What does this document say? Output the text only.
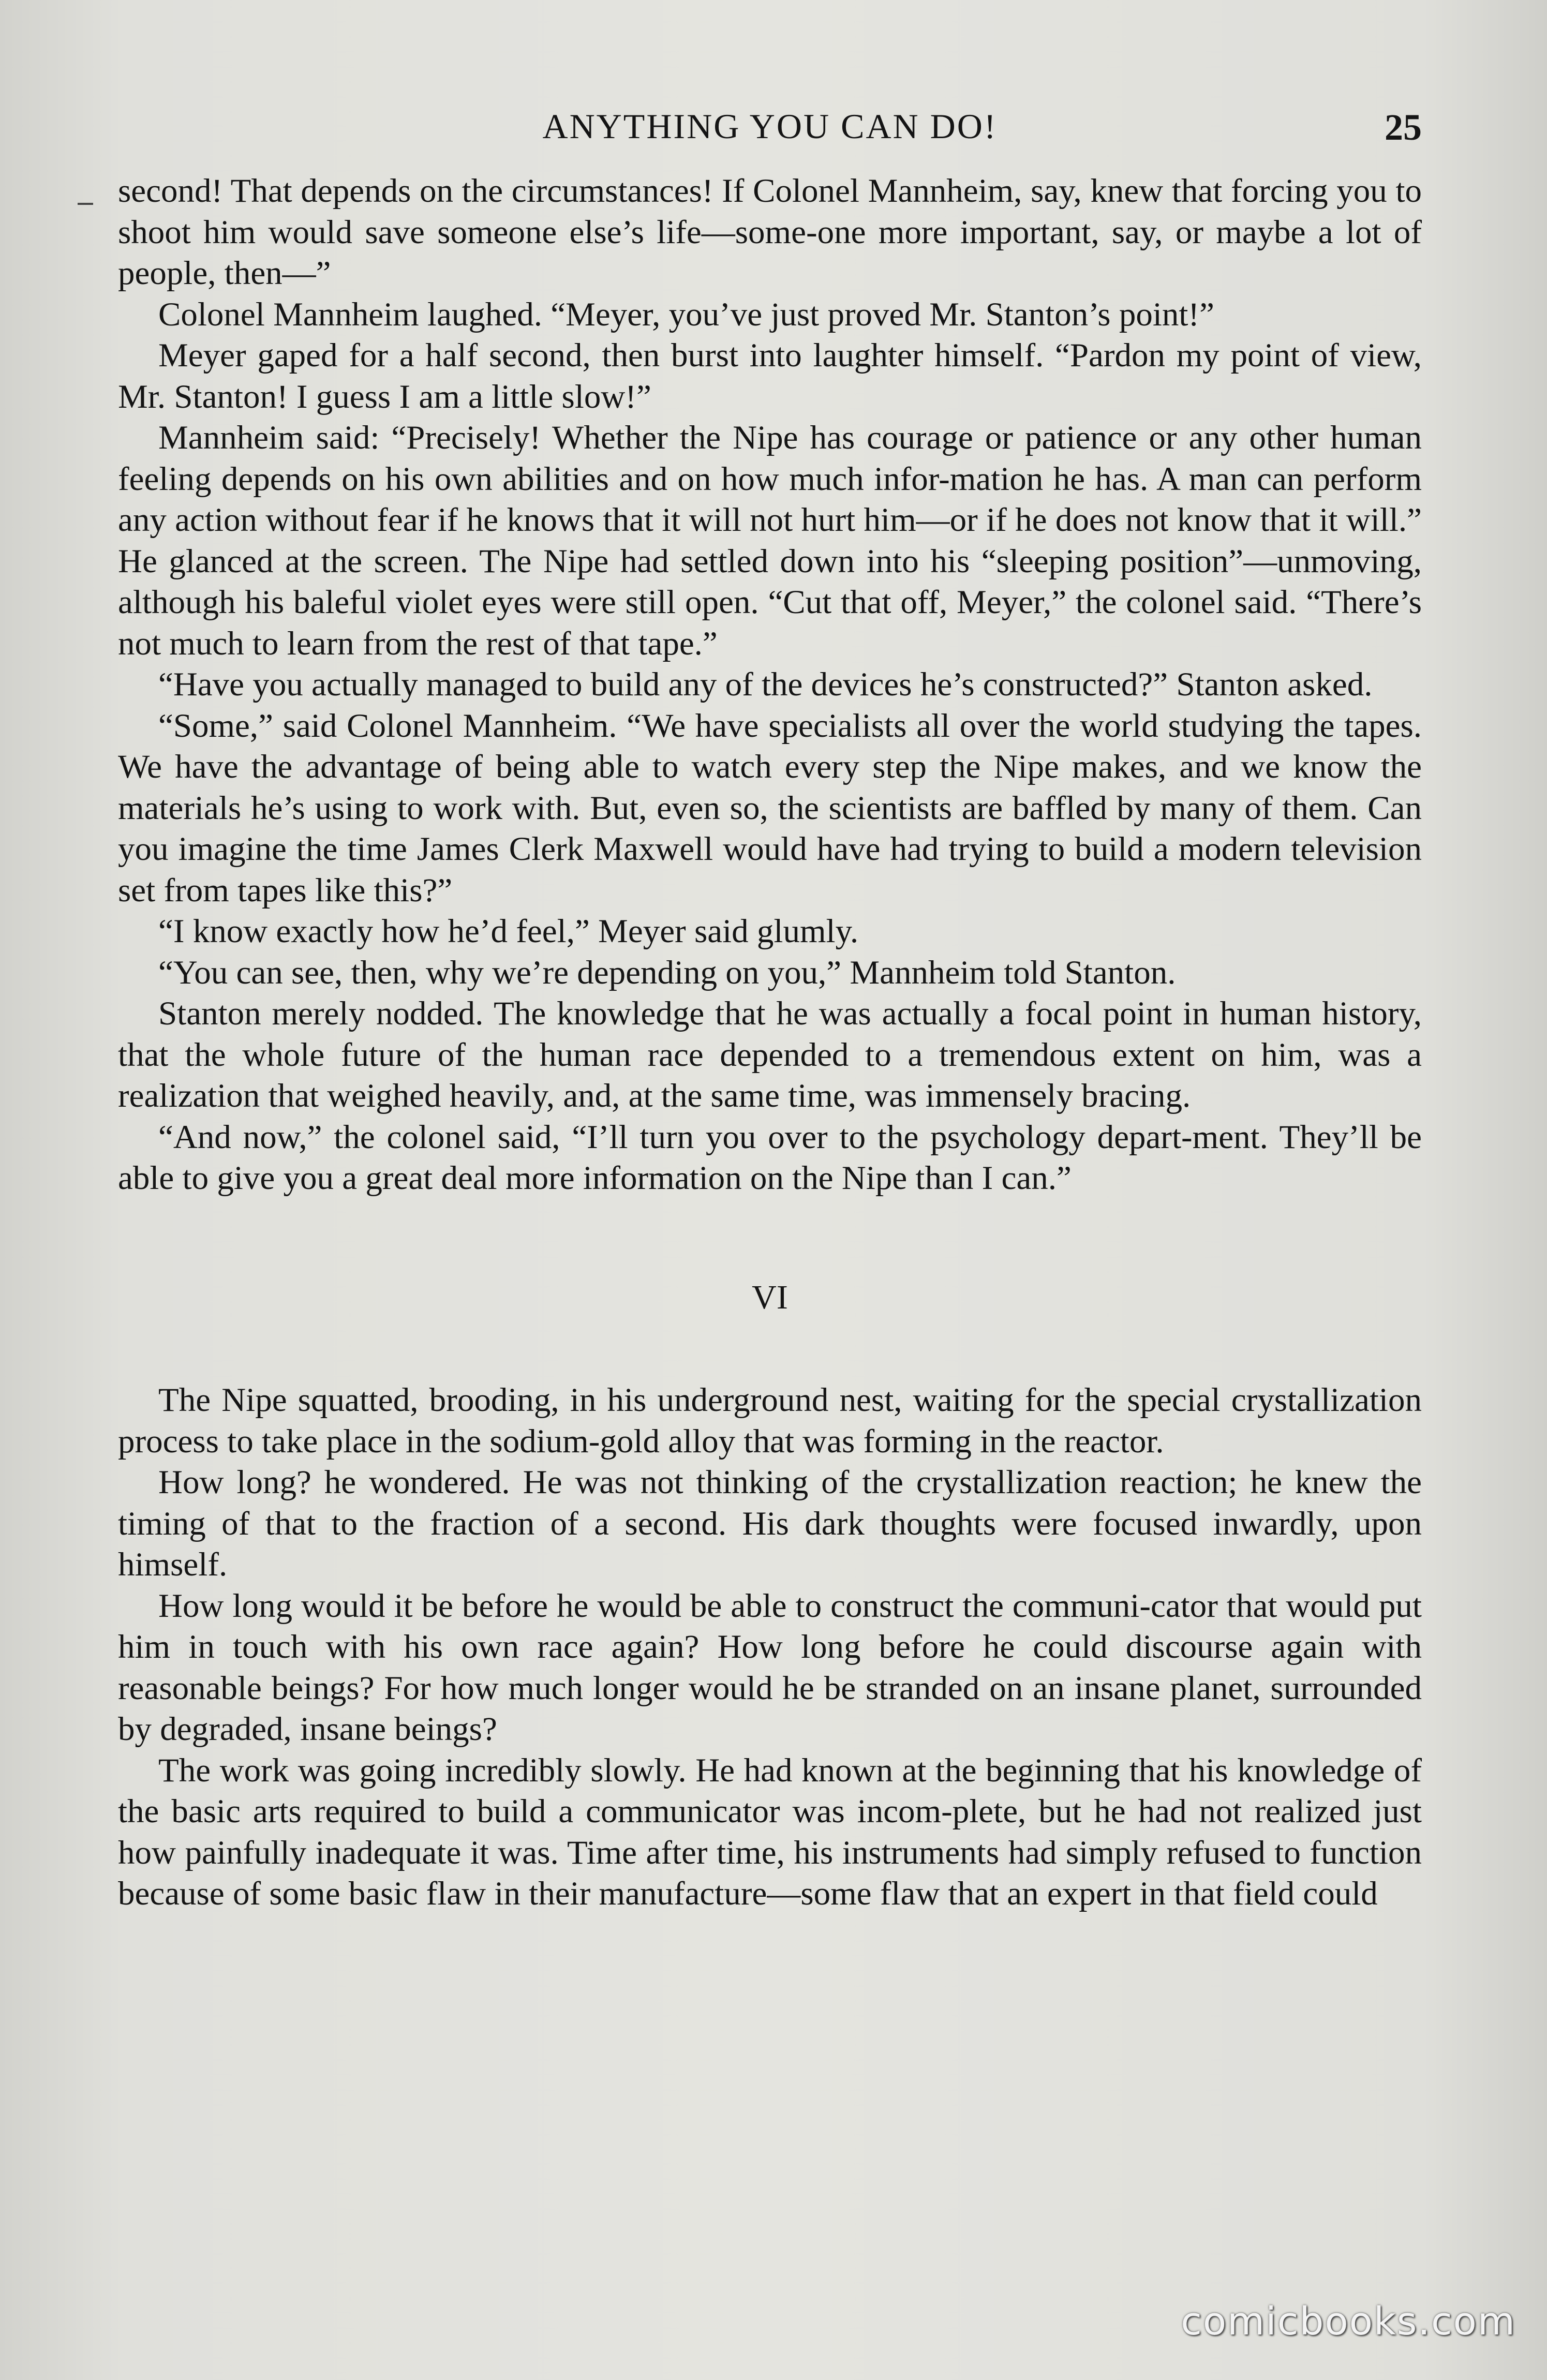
ANYTHING YOU CAN DO!	25

second! That depends on the circumstances! If Colonel Mannheim, say, knew that forcing you to shoot him would save someone else’s life—some-one more important, say, or maybe a lot of people, then—”

Colonel Mannheim laughed. “Meyer, you’ve just proved Mr. Stanton’s point!”

Meyer gaped for a half second, then burst into laughter himself. “Pardon my point of view, Mr. Stanton! I guess I am a little slow!”

Mannheim said: “Precisely! Whether the Nipe has courage or patience or any other human feeling depends on his own abilities and on how much infor-mation he has. A man can perform any action without fear if he knows that it will not hurt him—or if he does not know that it will.” He glanced at the screen. The Nipe had settled down into his “sleeping position”—unmoving, although his baleful violet eyes were still open. “Cut that off, Meyer,” the colonel said. “There’s not much to learn from the rest of that tape.”

“Have you actually managed to build any of the devices he’s constructed?” Stanton asked.

“Some,” said Colonel Mannheim. “We have specialists all over the world studying the tapes. We have the advantage of being able to watch every step the Nipe makes, and we know the materials he’s using to work with. But, even so, the scientists are baffled by many of them. Can you imagine the time James Clerk Maxwell would have had trying to build a modern television set from tapes like this?”

“I know exactly how he’d feel,” Meyer said glumly.

“You can see, then, why we’re depending on you,” Mannheim told Stanton.

Stanton merely nodded. The knowledge that he was actually a focal point in human history, that the whole future of the human race depended to a tremendous extent on him, was a realization that weighed heavily, and, at the same time, was immensely bracing.

“And now,” the colonel said, “I’ll turn you over to the psychology depart-ment. They’ll be able to give you a great deal more information on the Nipe than I can.”

VI

The Nipe squatted, brooding, in his underground nest, waiting for the special crystallization process to take place in the sodium-gold alloy that was forming in the reactor.

How long? he wondered. He was not thinking of the crystallization reaction; he knew the timing of that to the fraction of a second. His dark thoughts were focused inwardly, upon himself.

How long would it be before he would be able to construct the communi-cator that would put him in touch with his own race again? How long before he could discourse again with reasonable beings? For how much longer would he be stranded on an insane planet, surrounded by degraded, insane beings?

The work was going incredibly slowly. He had known at the beginning that his knowledge of the basic arts required to build a communicator was incom-plete, but he had not realized just how painfully inadequate it was. Time after time, his instruments had simply refused to function because of some basic flaw in their manufacture—some flaw that an expert in that field could

comicbooks.com
